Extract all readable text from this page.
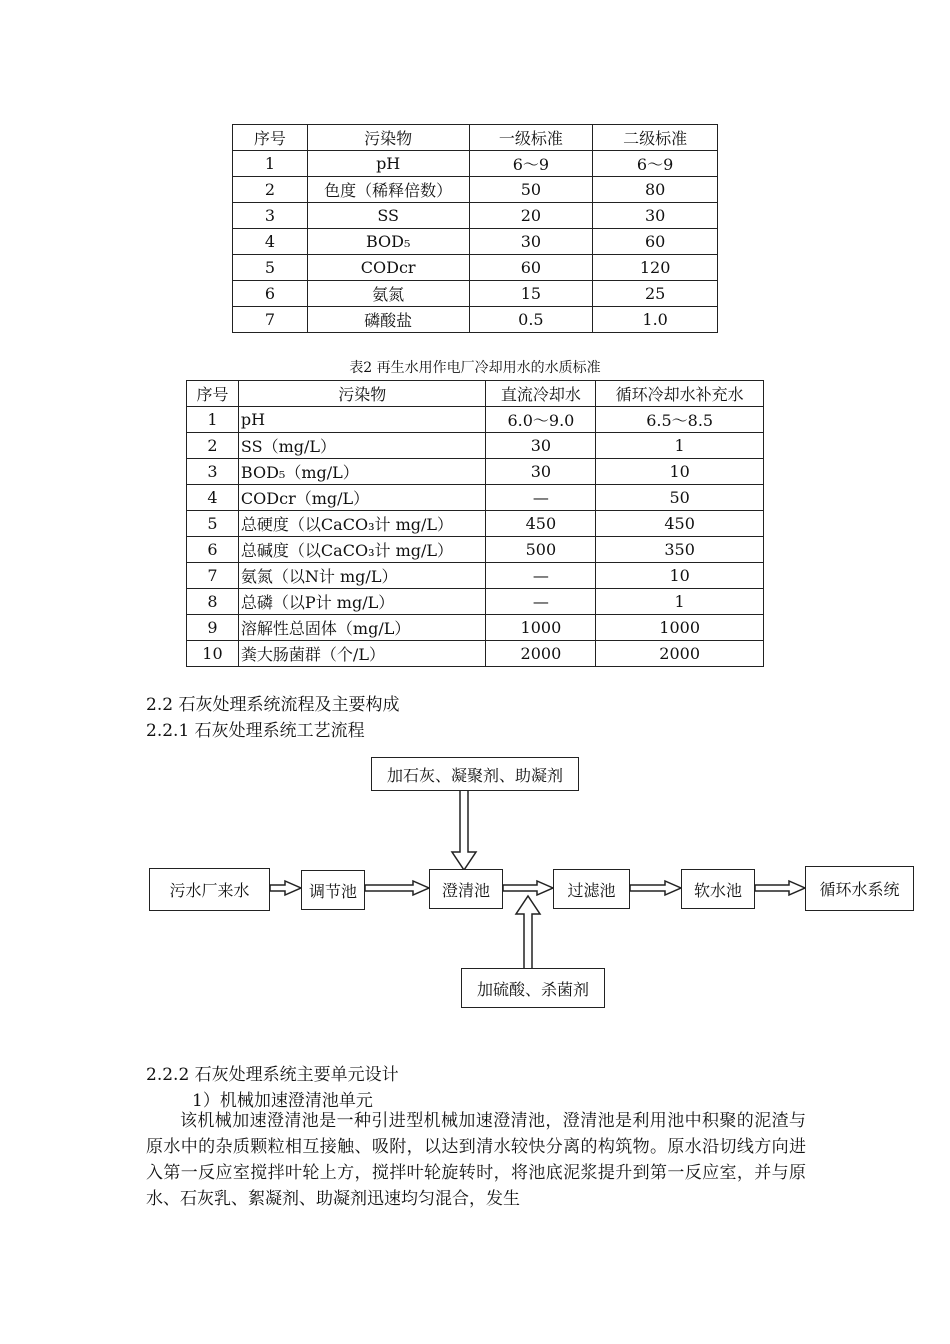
序号	污染物	一级标准	二级标准
1	pH	6～9	6～9
2	色度（稀释倍数）	50	80
3	SS	20	30
4	BOD₅	30	60
5	CODcr	60	120
6	氨氮	15	25
7	磷酸盐	0.5	1.0
表2 再生水用作电厂冷却用水的水质标准
序号	污染物	直流冷却水	循环冷却水补充水
1	pH	6.0～9.0	6.5～8.5
2	SS（mg/L）	30	1
3	BOD₅（mg/L）	30	10
4	CODcr（mg/L）	—	50
5	总硬度（以CaCO₃计 mg/L）	450	450
6	总碱度（以CaCO₃计 mg/L）	500	350
7	氨氮（以N计 mg/L）	—	10
8	总磷（以P计 mg/L）	—	1
9	溶解性总固体（mg/L）	1000	1000
10	粪大肠菌群（个/L）	2000	2000
2.2 石灰处理系统流程及主要构成
2.2.1 石灰处理系统工艺流程
加石灰、凝聚剂、助凝剂
加硫酸、杀菌剂
污水厂来水	调节池	澄清池	过滤池	软水池	循环水系统
2.2.2 石灰处理系统主要单元设计
1）机械加速澄清池单元
该机械加速澄清池是一种引进型机械加速澄清池，澄清池是利用池中积聚的泥渣与原水中的杂质颗粒相互接触、吸附，以达到清水较快分离的构筑物。原水沿切线方向进入第一反应室搅拌叶轮上方，搅拌叶轮旋转时，将池底泥浆提升到第一反应室，并与原水、石灰乳、絮凝剂、助凝剂迅速均匀混合，发生
